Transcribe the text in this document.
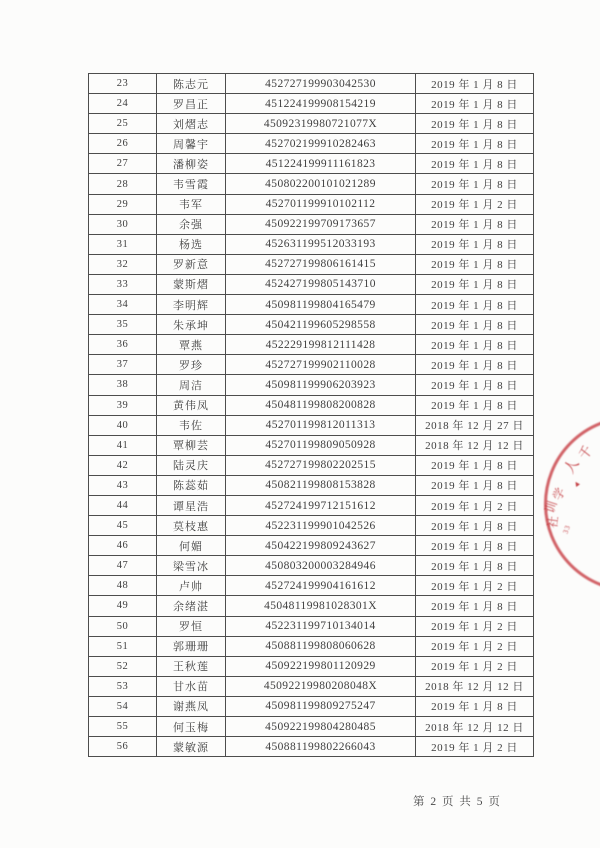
23	陈志元	452727199903042530	2019 年 1 月 8 日
24	罗昌正	451224199908154219	2019 年 1 月 8 日
25	刘熠志	45092319980721077X	2019 年 1 月 8 日
26	周馨宇	452702199910282463	2019 年 1 月 8 日
27	潘柳姿	451224199911161823	2019 年 1 月 8 日
28	韦雪霞	450802200101021289	2019 年 1 月 8 日
29	韦军	452701199910102112	2019 年 1 月 2 日
30	余强	450922199709173657	2019 年 1 月 8 日
31	杨选	452631199512033193	2019 年 1 月 8 日
32	罗新意	452727199806161415	2019 年 1 月 8 日
33	蒙斯熠	452427199805143710	2019 年 1 月 8 日
34	李明辉	450981199804165479	2019 年 1 月 8 日
35	朱承坤	450421199605298558	2019 年 1 月 8 日
36	覃燕	452229199812111428	2019 年 1 月 8 日
37	罗珍	452727199902110028	2019 年 1 月 8 日
38	周洁	450981199906203923	2019 年 1 月 8 日
39	黄伟凤	450481199808200828	2019 年 1 月 8 日
40	韦佐	452701199812011313	2018 年 12 月 27 日
41	覃柳芸	452701199809050928	2018 年 12 月 12 日
42	陆灵庆	452727199802202515	2019 年 1 月 8 日
43	陈蕊茹	450821199808153828	2019 年 1 月 8 日
44	谭星浩	452724199712151612	2019 年 1 月 2 日
45	莫枝惠	452231199901042526	2019 年 1 月 8 日
46	何媚	450422199809243627	2019 年 1 月 8 日
47	梁雪冰	450803200003284946	2019 年 1 月 8 日
48	卢帅	452724199904161612	2019 年 1 月 2 日
49	余绪湛	45048119981028301X	2019 年 1 月 8 日
50	罗恒	452231199710134014	2019 年 1 月 2 日
51	郭珊珊	450881199808060628	2019 年 1 月 2 日
52	王秋莲	450922199801120929	2019 年 1 月 2 日
53	甘水苗	45092219980208048X	2018 年 12 月 12 日
54	谢燕凤	450981199809275247	2019 年 1 月 8 日
55	何玉梅	450922199804280485	2018 年 12 月 12 日
56	蒙敏源	450881199802266043	2019 年 1 月 2 日
千
人
▲
学
训
社
33
第 2 页 共 5 页
